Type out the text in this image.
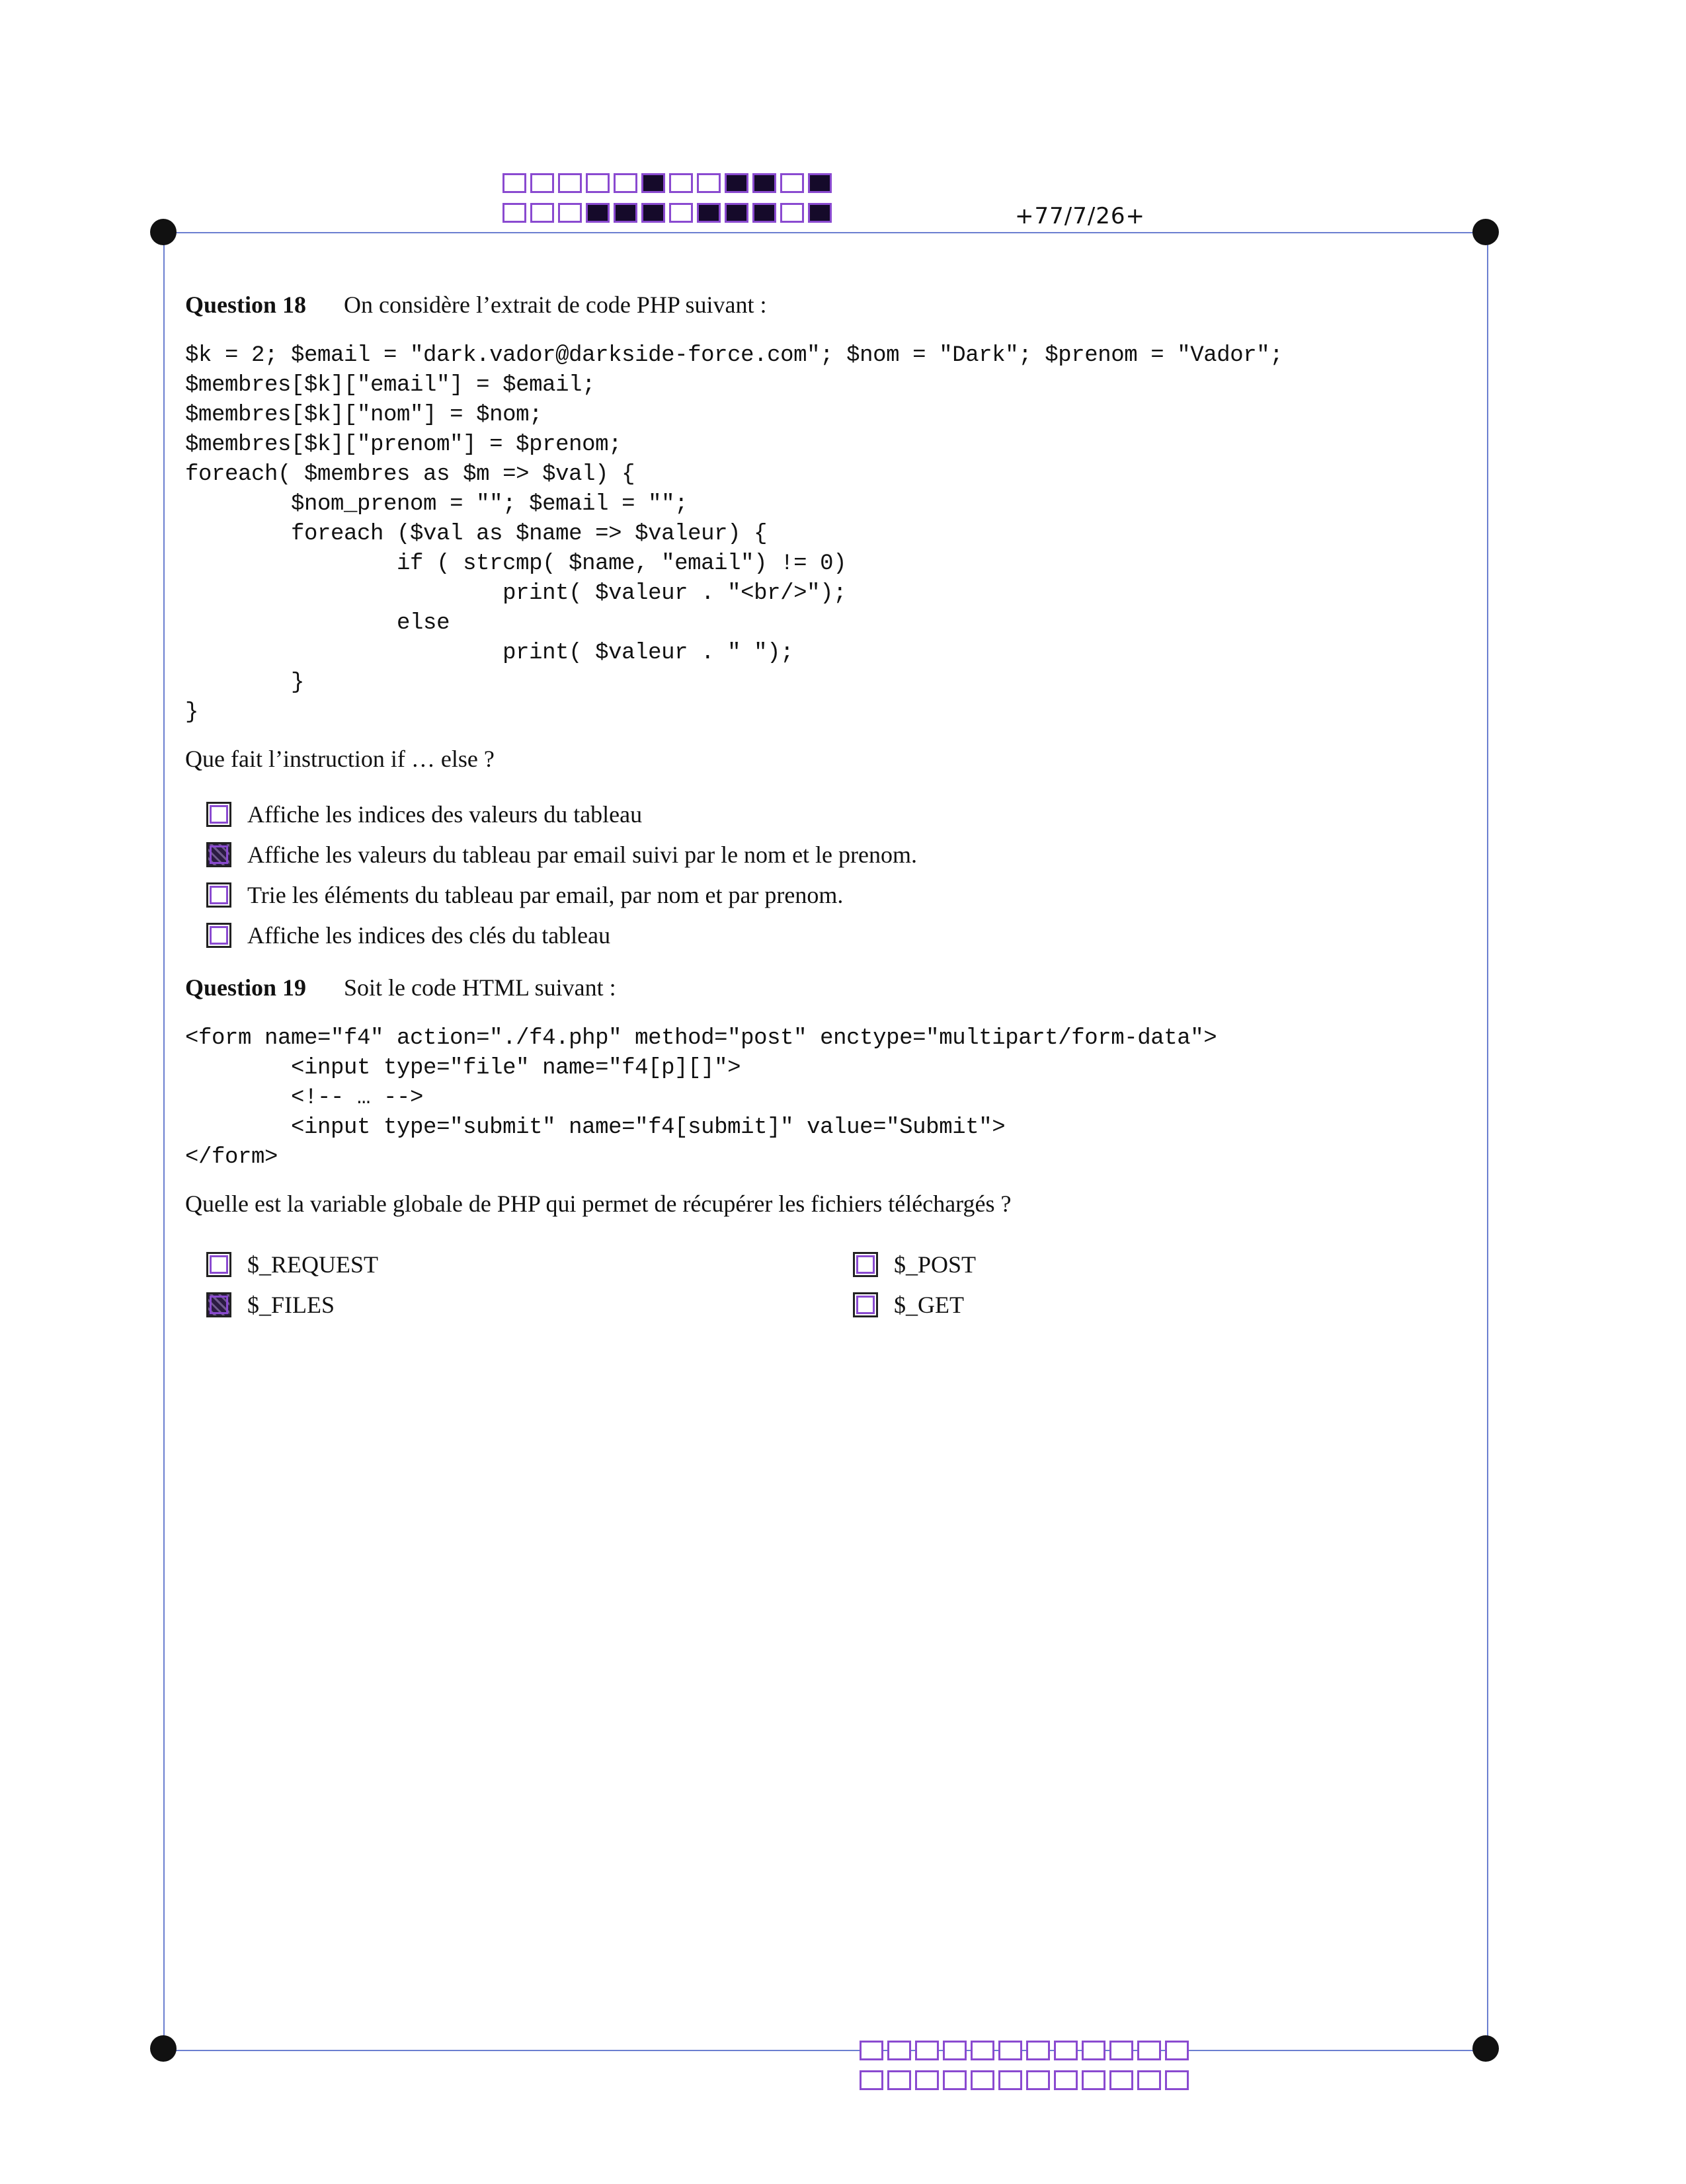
+77/7/26+
Question 18 On considère l’extrait de code PHP suivant :
$k = 2; $email = "dark.vador@darkside-force.com"; $nom = "Dark"; $prenom = "Vador";
$membres[$k]["email"] = $email;
$membres[$k]["nom"] = $nom;
$membres[$k]["prenom"] = $prenom;
foreach( $membres as $m => $val) {
$nom_prenom = ""; $email = "";
foreach ($val as $name => $valeur) {
if ( strcmp( $name, "email") != 0)
print( $valeur . "<br/>");
else
print( $valeur . " ");
}
}
Que fait l’instruction if … else ?
Affiche les indices des valeurs du tableau
Affiche les valeurs du tableau par email suivi par le nom et le prenom.
Trie les éléments du tableau par email, par nom et par prenom.
Affiche les indices des clés du tableau
Question 19 Soit le code HTML suivant :
<form name="f4" action="./f4.php" method="post" enctype="multipart/form-data">
<input type="file" name="f4[p][]">
<!-- … -->
<input type="submit" name="f4[submit]" value="Submit">
</form>
Quelle est la variable globale de PHP qui permet de récupérer les fichiers téléchargés ?
$_REQUEST	$_POST
$_FILES	$_GET
